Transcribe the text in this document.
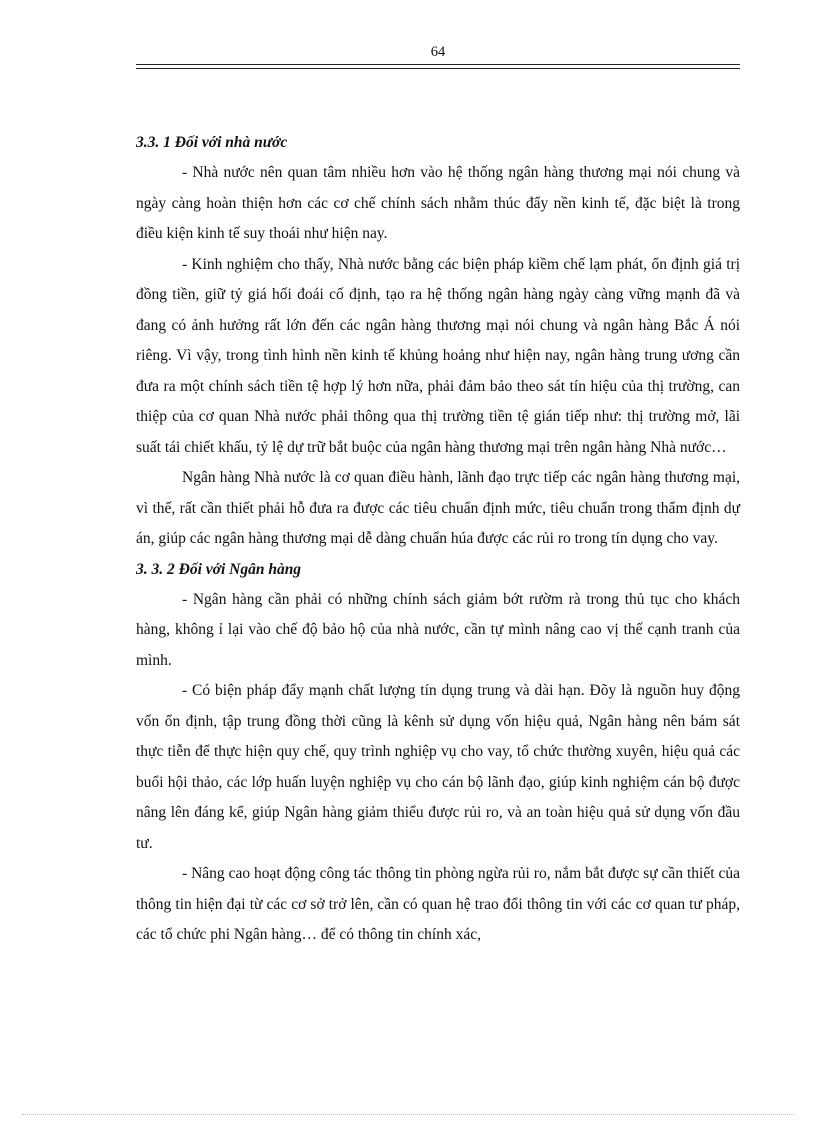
64

3.3. 1 Đối với nhà nước

- Nhà nước nên quan tâm nhiều hơn vào hệ thống ngân hàng thương mại nói chung và ngày càng hoàn thiện hơn các cơ chế chính sách nhằm thúc đẩy nền kinh tế, đặc biệt là trong điều kiện kinh tế suy thoái như hiện nay.

- Kinh nghiệm cho thấy, Nhà nước bằng các biện pháp kiềm chế lạm phát, ổn định giá trị đồng tiền, giữ tỷ giá hối đoái cố định, tạo ra hệ thống ngân hàng ngày càng vững mạnh đã và đang có ảnh hưởng rất lớn đến các ngân hàng thương mại nói chung và ngân hàng Bắc Á nói riêng. Vì vậy, trong tình hình nền kinh tế khủng hoảng như hiện nay, ngân hàng trung ương cần đưa ra một chính sách tiền tệ hợp lý hơn nữa, phải đảm bảo theo sát tín hiệu của thị trường, can thiệp của cơ quan Nhà nước phải thông qua thị trường tiền tệ gián tiếp như: thị trường mở, lãi suất tái chiết khấu, tỷ lệ dự trữ bắt buộc của ngân hàng thương mại trên ngân hàng Nhà nước…

Ngân hàng Nhà nước là cơ quan điều hành, lãnh đạo trực tiếp các ngân hàng thương mại, vì thế, rất cần thiết phải hỗ đưa ra được các tiêu chuẩn định mức, tiêu chuẩn trong thẩm định dự án, giúp các ngân hàng thương mại dễ dàng chuẩn húa được các rủi ro trong tín dụng cho vay.

3. 3. 2 Đối với Ngân hàng

- Ngân hàng cần phải có những chính sách giảm bớt rườm rà trong thủ tục cho khách hàng, không ỉ lại vào chế độ bảo hộ của nhà nước, cần tự mình nâng cao vị thế cạnh tranh của mình.

- Có biện pháp đẩy mạnh chất lượng tín dụng trung và dài hạn. Đõy là nguồn huy động vốn ổn định, tập trung đồng thời cũng là kênh sử dụng vốn hiệu quả, Ngân hàng nên bám sát thực tiễn để thực hiện quy chế, quy trình nghiệp vụ cho vay, tổ chức thường xuyên, hiệu quả các buổi hội thảo, các lớp huấn luyện nghiệp vụ cho cán bộ lãnh đạo, giúp kinh nghiệm cán bộ được nâng lên đáng kể, giúp Ngân hàng giảm thiểu được rủi ro, và an toàn hiệu quả sử dụng vốn đầu tư.

- Nâng cao hoạt động công tác thông tin phòng ngừa rủi ro, nắm bắt được sự cần thiết của thông tin hiện đại từ các cơ sở trở lên, cần có quan hệ trao đổi thông tin với các cơ quan tư pháp, các tổ chức phi Ngân hàng… để có thông tin chính xác,
